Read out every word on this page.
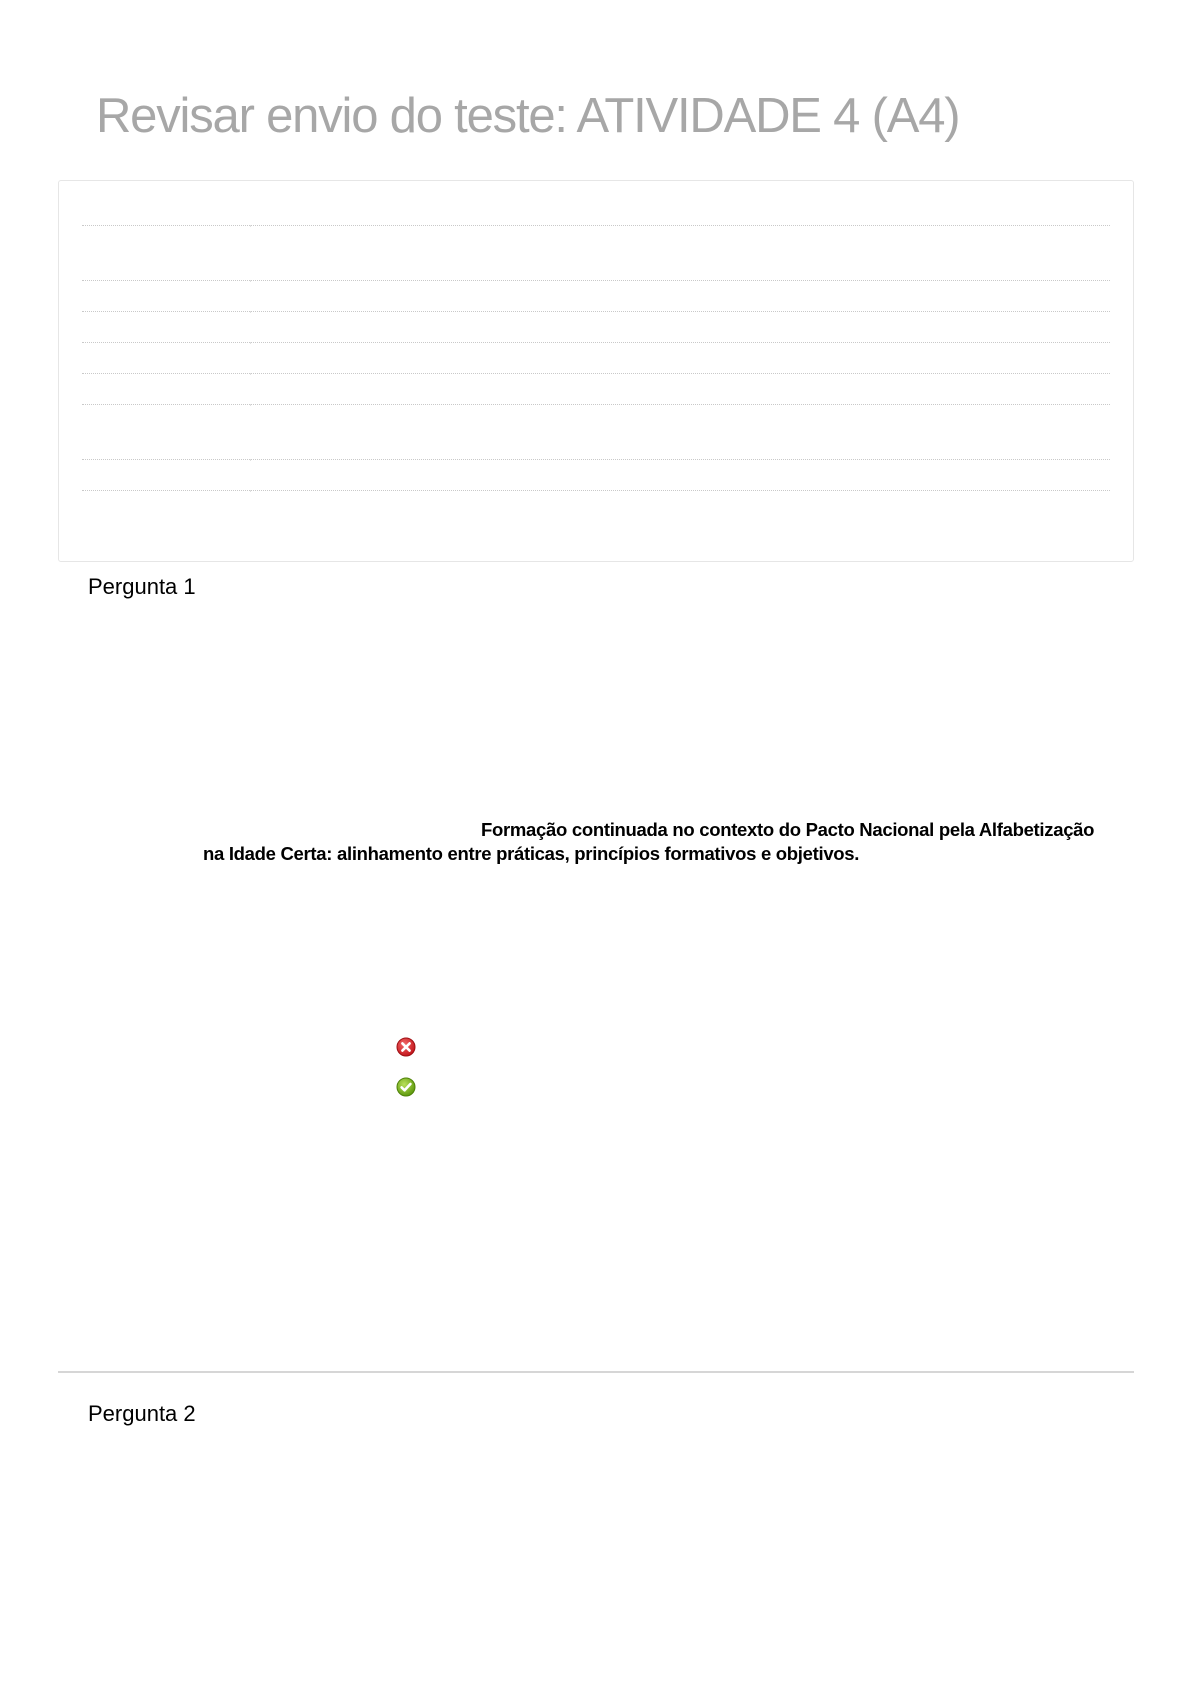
Revisar envio do teste: ATIVIDADE 4 (A4)
Pergunta 1

Formação continuada no contexto do Pacto Nacional pela Alfabetização na Idade Certa: alinhamento entre práticas, princípios formativos e objetivos.

Pergunta 2
